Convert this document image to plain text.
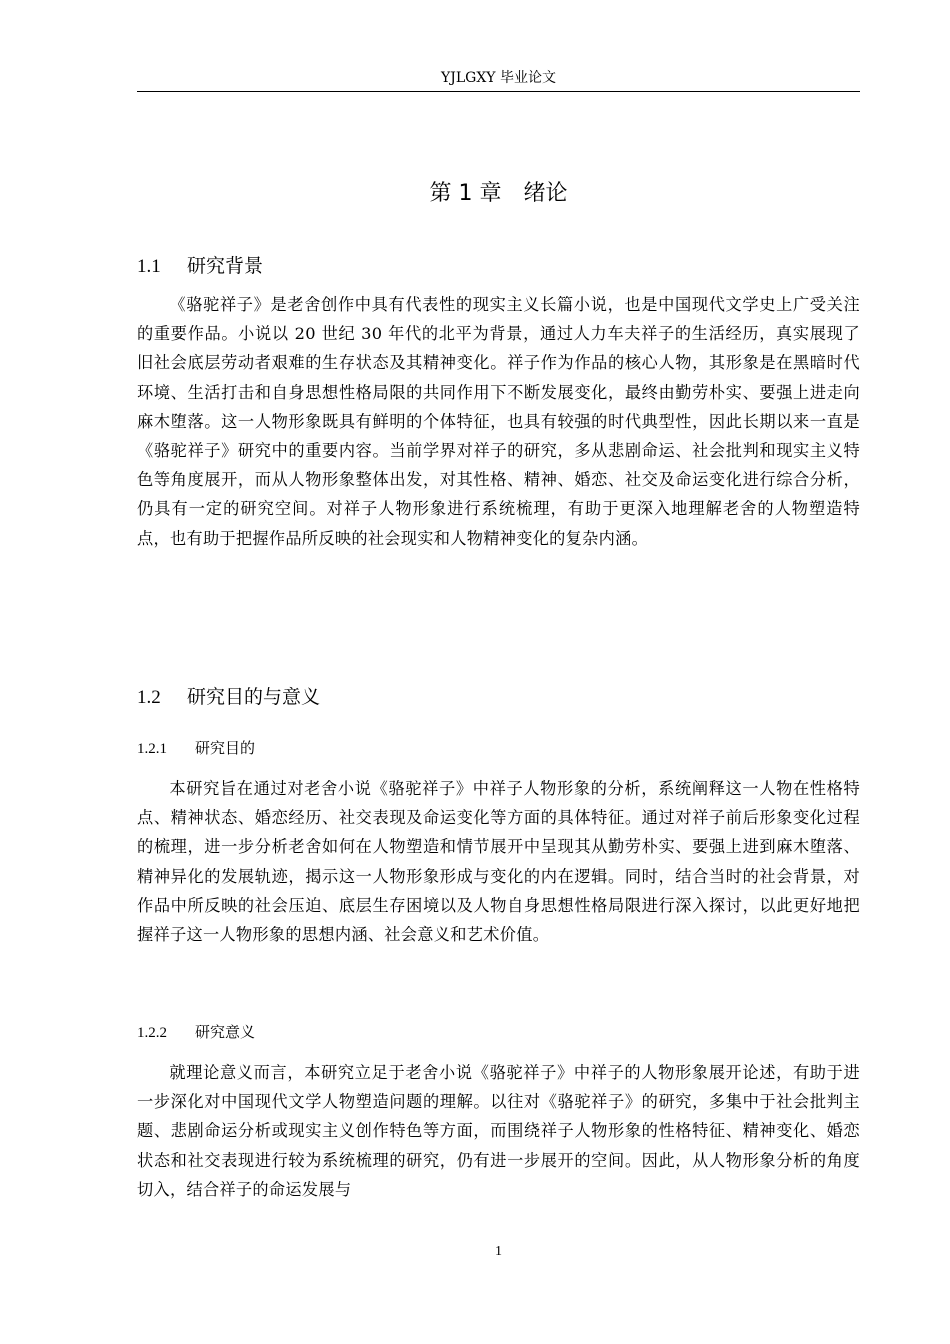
YJLGXY 毕业论文
第 1 章　绪论
1.1 研究背景

《骆驼祥子》是老舍创作中具有代表性的现实主义长篇小说，也是中国现代文学史上广受关注的重要作品。小说以 20 世纪 30 年代的北平为背景，通过人力车夫祥子的生活经历，真实展现了旧社会底层劳动者艰难的生存状态及其精神变化。祥子作为作品的核心人物，其形象是在黑暗时代环境、生活打击和自身思想性格局限的共同作用下不断发展变化，最终由勤劳朴实、要强上进走向麻木堕落。这一人物形象既具有鲜明的个体特征，也具有较强的时代典型性，因此长期以来一直是《骆驼祥子》研究中的重要内容。当前学界对祥子的研究，多从悲剧命运、社会批判和现实主义特色等角度展开，而从人物形象整体出发，对其性格、精神、婚恋、社交及命运变化进行综合分析，仍具有一定的研究空间。对祥子人物形象进行系统梳理，有助于更深入地理解老舍的人物塑造特点，也有助于把握作品所反映的社会现实和人物精神变化的复杂内涵。

1.2 研究目的与意义
1.2.1 研究目的

本研究旨在通过对老舍小说《骆驼祥子》中祥子人物形象的分析，系统阐释这一人物在性格特点、精神状态、婚恋经历、社交表现及命运变化等方面的具体特征。通过对祥子前后形象变化过程的梳理，进一步分析老舍如何在人物塑造和情节展开中呈现其从勤劳朴实、要强上进到麻木堕落、精神异化的发展轨迹，揭示这一人物形象形成与变化的内在逻辑。同时，结合当时的社会背景，对作品中所反映的社会压迫、底层生存困境以及人物自身思想性格局限进行深入探讨，以此更好地把握祥子这一人物形象的思想内涵、社会意义和艺术价值。

1.2.2 研究意义

就理论意义而言，本研究立足于老舍小说《骆驼祥子》中祥子的人物形象展开论述，有助于进一步深化对中国现代文学人物塑造问题的理解。以往对《骆驼祥子》的研究，多集中于社会批判主题、悲剧命运分析或现实主义创作特色等方面，而围绕祥子人物形象的性格特征、精神变化、婚恋状态和社交表现进行较为系统梳理的研究，仍有进一步展开的空间。因此，从人物形象分析的角度切入，结合祥子的命运发展与

1
